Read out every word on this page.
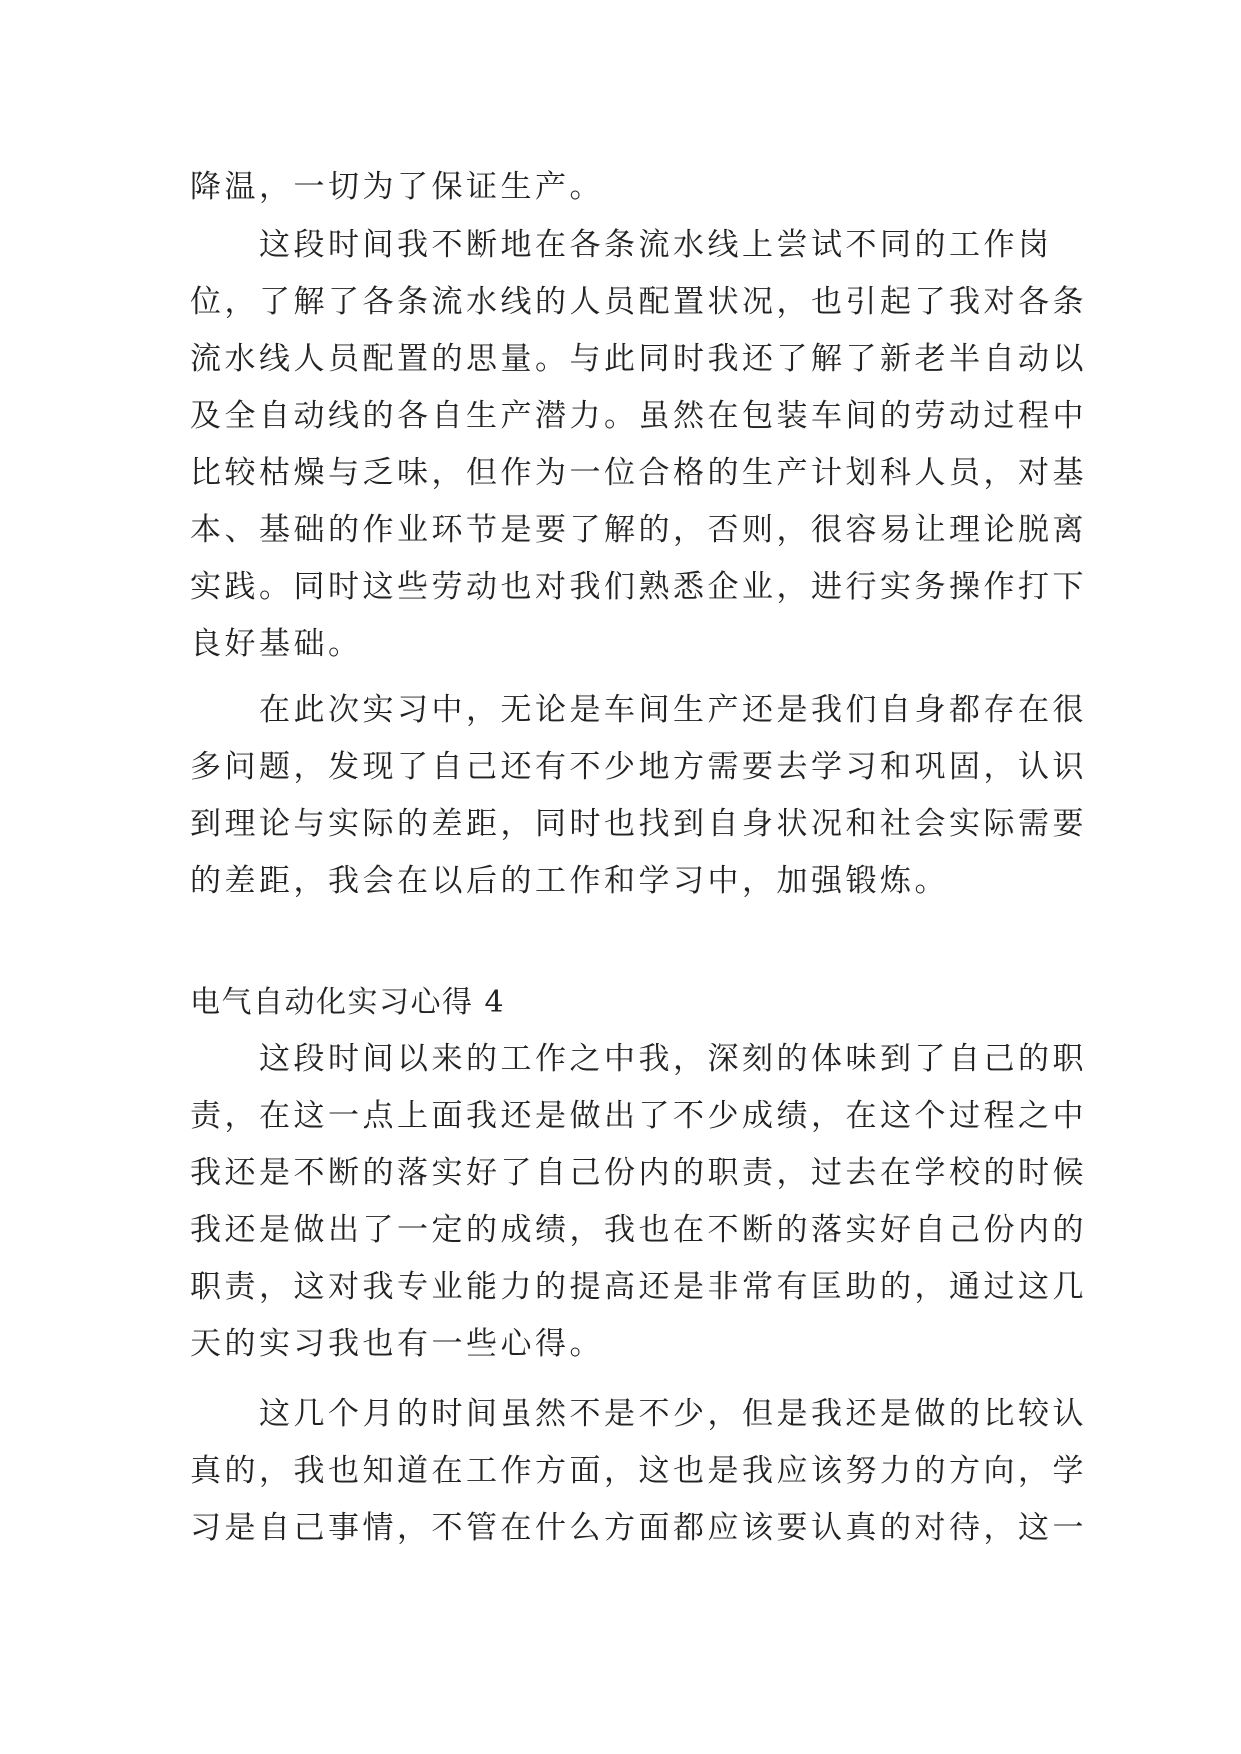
降温，一切为了保证生产。
　　这段时间我不断地在各条流水线上尝试不同的工作岗
位，了解了各条流水线的人员配置状况，也引起了我对各条
流水线人员配置的思量。与此同时我还了解了新老半自动以
及全自动线的各自生产潜力。虽然在包装车间的劳动过程中
比较枯燥与乏味，但作为一位合格的生产计划科人员，对基
本、基础的作业环节是要了解的，否则，很容易让理论脱离
实践。同时这些劳动也对我们熟悉企业，进行实务操作打下
良好基础。
　　在此次实习中，无论是车间生产还是我们自身都存在很
多问题，发现了自己还有不少地方需要去学习和巩固，认识
到理论与实际的差距，同时也找到自身状况和社会实际需要
的差距，我会在以后的工作和学习中，加强锻炼。
电气自动化实习心得 4
　　这段时间以来的工作之中我，深刻的体味到了自己的职
责，在这一点上面我还是做出了不少成绩，在这个过程之中
我还是不断的落实好了自己份内的职责，过去在学校的时候
我还是做出了一定的成绩，我也在不断的落实好自己份内的
职责，这对我专业能力的提高还是非常有匡助的，通过这几
天的实习我也有一些心得。
　　这几个月的时间虽然不是不少，但是我还是做的比较认
真的，我也知道在工作方面，这也是我应该努力的方向，学
习是自己事情，不管在什么方面都应该要认真的对待，这一
